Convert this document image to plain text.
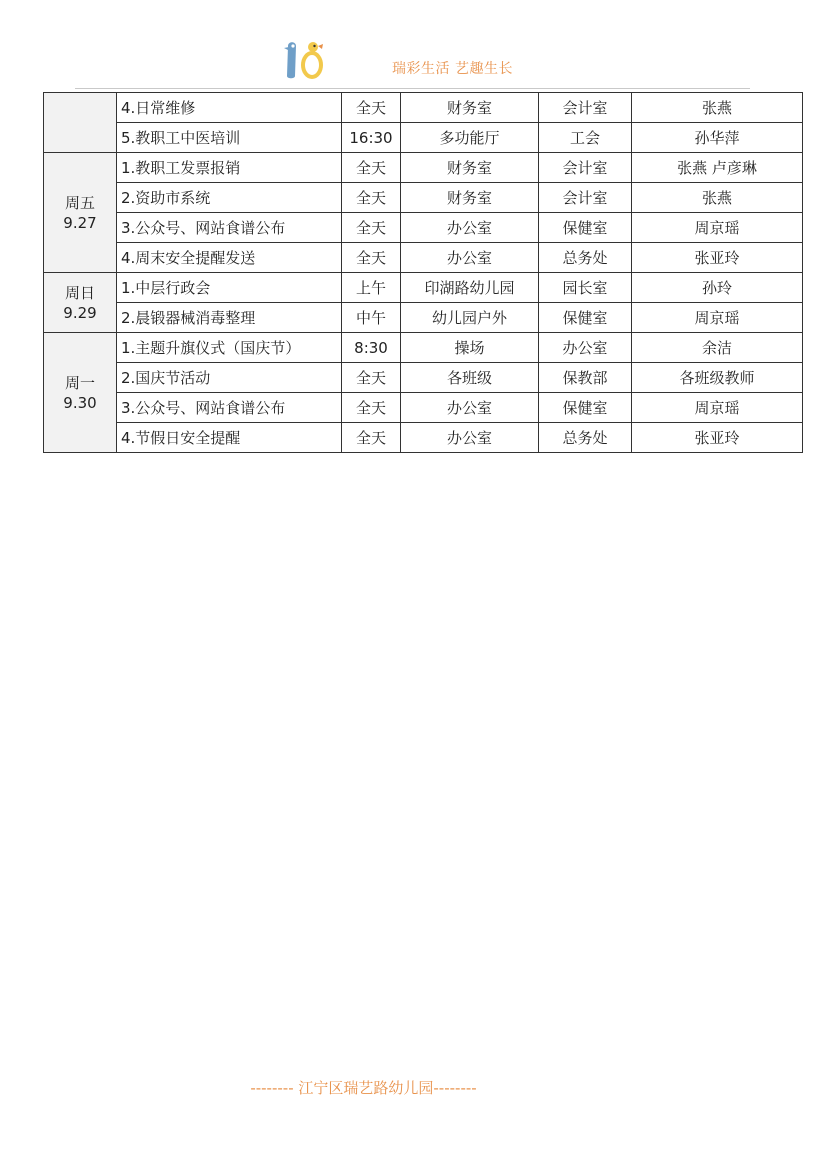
瑞彩生活 艺趣生长
	4.日常维修	全天	财务室	会计室	张燕
	5.教职工中医培训	16:30	多功能厅	工会	孙华萍

周五
9.27	1.教职工发票报销	全天	财务室	会计室	张燕 卢彦琳
	2.资助市系统	全天	财务室	会计室	张燕
	3.公众号、网站食谱公布	全天	办公室	保健室	周京瑶
	4.周末安全提醒发送	全天	办公室	总务处	张亚玲

周日
9.29	1.中层行政会	上午	印湖路幼儿园	园长室	孙玲
	2.晨锻器械消毒整理	中午	幼儿园户外	保健室	周京瑶

周一
9.30	1.主题升旗仪式（国庆节）	8:30	操场	办公室	余洁
	2.国庆节活动	全天	各班级	保教部	各班级教师
	3.公众号、网站食谱公布	全天	办公室	保健室	周京瑶
	4.节假日安全提醒	全天	办公室	总务处	张亚玲
-------- 江宁区瑞艺路幼儿园--------
